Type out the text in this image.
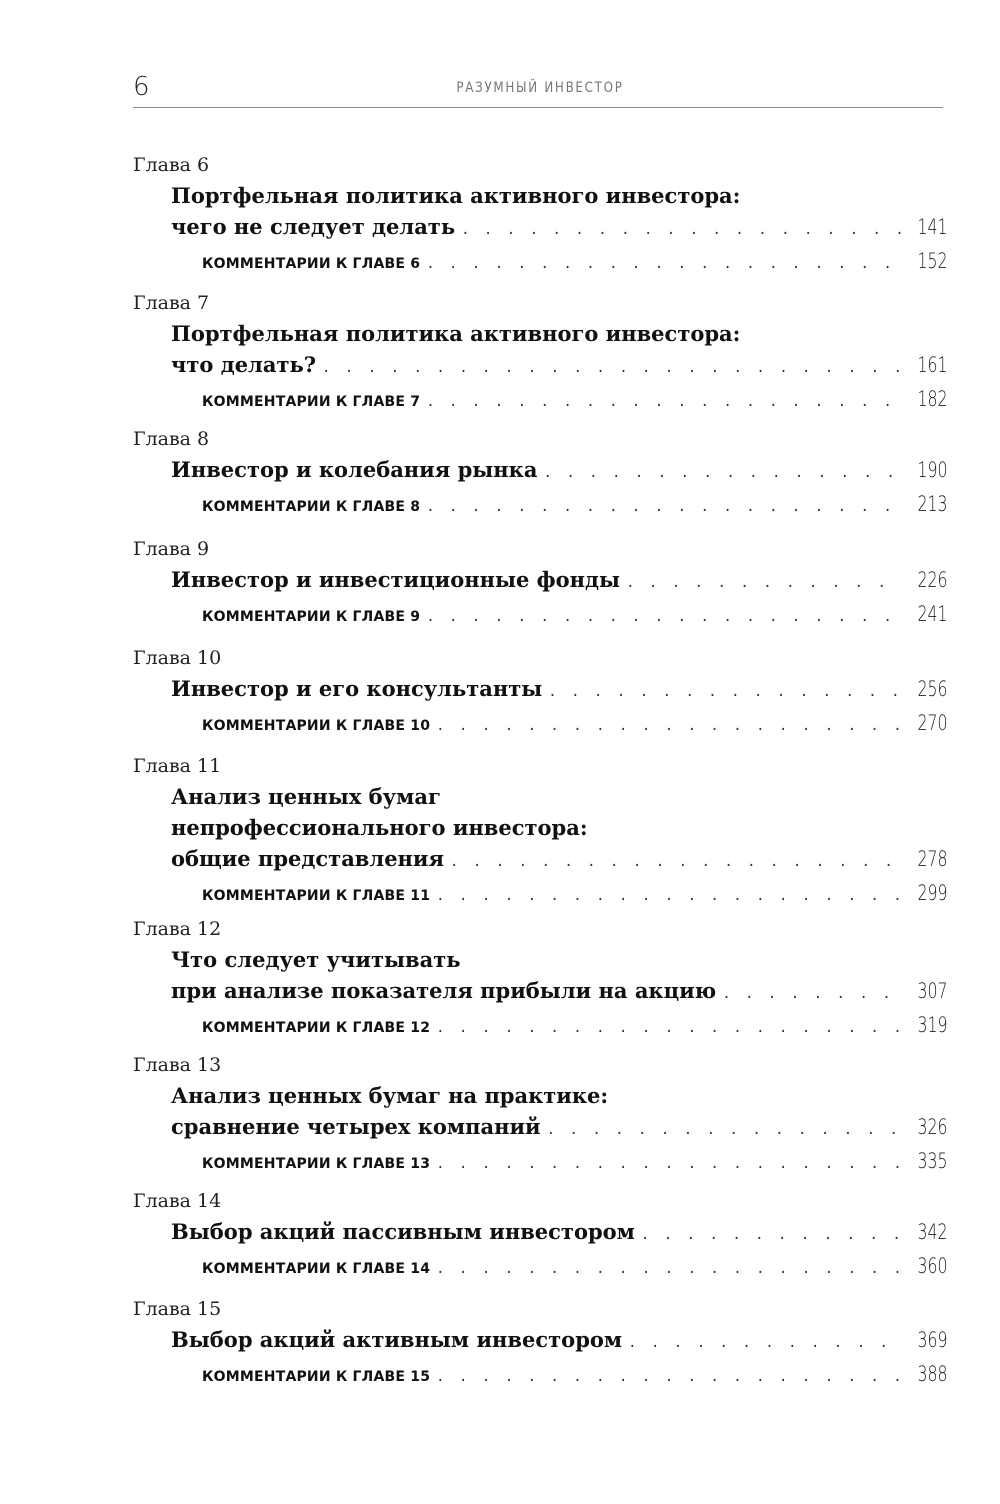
6	РАЗУМНЫЙ ИНВЕСТОР
Глава 6
Портфельная политика активного инвестора:
чего не следует делать . . .	141
КОММЕНТАРИИ К ГЛАВЕ 6 . . .	152
Глава 7
Портфельная политика активного инвестора:
что делать? . . .	161
КОММЕНТАРИИ К ГЛАВЕ 7 . . .	182
Глава 8
Инвестор и колебания рынка . . .	190
КОММЕНТАРИИ К ГЛАВЕ 8 . . .	213
Глава 9
Инвестор и инвестиционные фонды . . .	226
КОММЕНТАРИИ К ГЛАВЕ 9 . . .	241
Глава 10
Инвестор и его консультанты . . .	256
КОММЕНТАРИИ К ГЛАВЕ 10 . . .	270
Глава 11
Анализ ценных бумаг
непрофессионального инвестора:
общие представления . . .	278
КОММЕНТАРИИ К ГЛАВЕ 11 . . .	299
Глава 12
Что следует учитывать
при анализе показателя прибыли на акцию . . .	307
КОММЕНТАРИИ К ГЛАВЕ 12 . . .	319
Глава 13
Анализ ценных бумаг на практике:
сравнение четырех компаний . . .	326
КОММЕНТАРИИ К ГЛАВЕ 13 . . .	335
Глава 14
Выбор акций пассивным инвестором . . .	342
КОММЕНТАРИИ К ГЛАВЕ 14 . . .	360
Глава 15
Выбор акций активным инвестором . . .	369
КОММЕНТАРИИ К ГЛАВЕ 15 . . .	388
